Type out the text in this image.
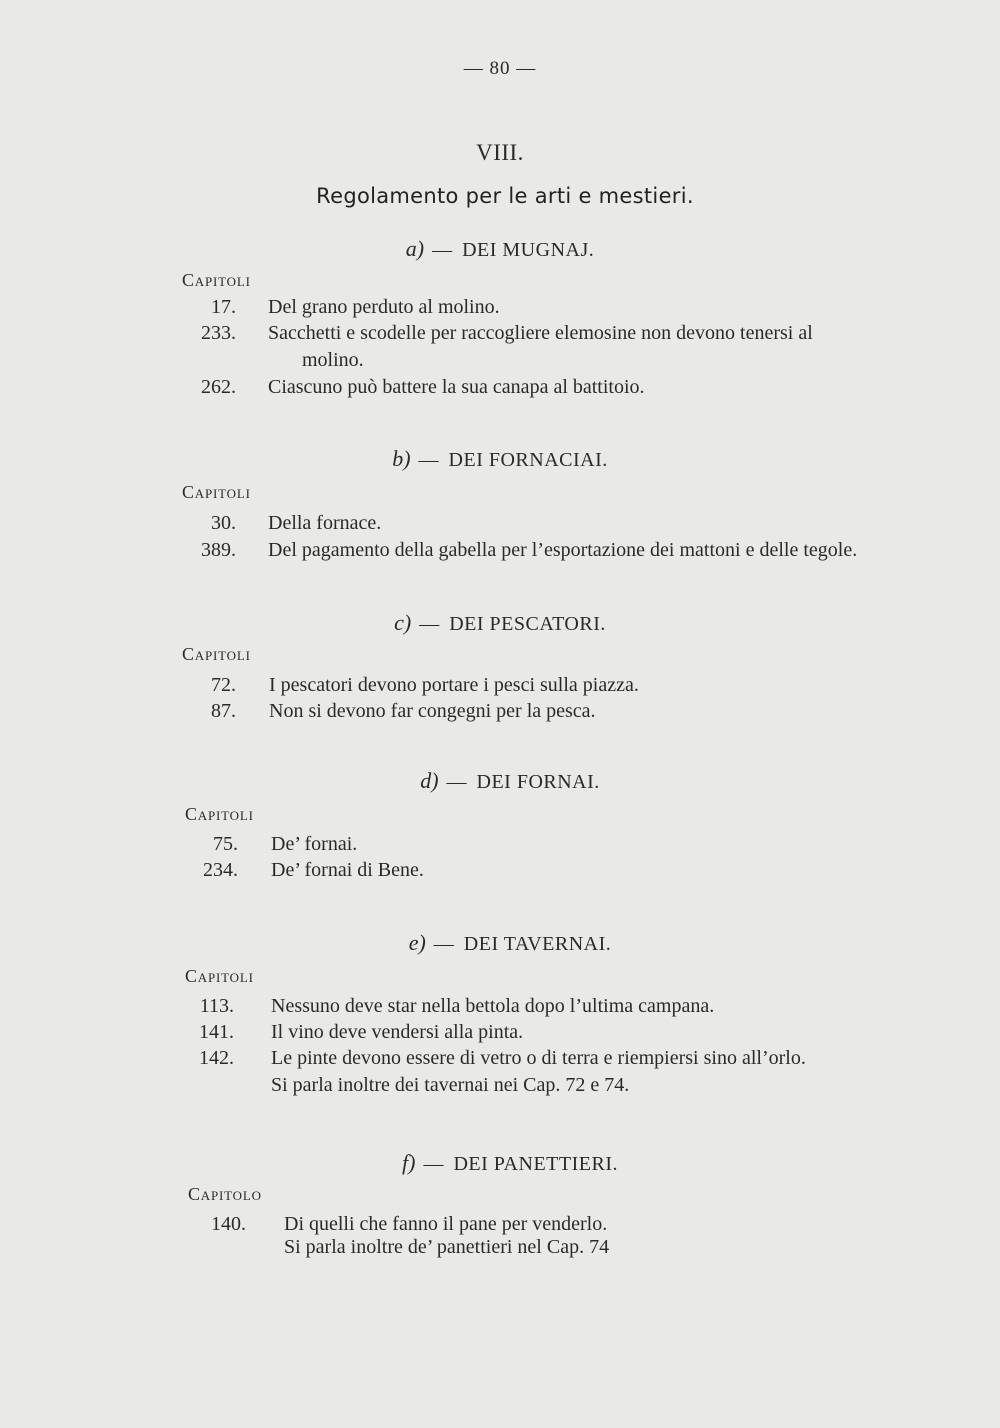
— 80 —
VIII.
Regolamento per le arti e mestieri.
a) — DEI MUGNAJ.
Capitoli
17. Del grano perduto al molino.
233. Sacchetti e scodelle per raccogliere elemosine non devono tenersi al
molino.
262. Ciascuno può battere la sua canapa al battitoio.
b) — DEI FORNACIAI.
Capitoli
30. Della fornace.
389. Del pagamento della gabella per l’esportazione dei mattoni e delle tegole.
c) — DEI PESCATORI.
Capitoli
72. I pescatori devono portare i pesci sulla piazza.
87. Non si devono far congegni per la pesca.
d) — DEI FORNAI.
Capitoli
75. De’ fornai.
234. De’ fornai di Bene.
e) — DEI TAVERNAI.
Capitoli
113. Nessuno deve star nella bettola dopo l’ultima campana.
141. Il vino deve vendersi alla pinta.
142. Le pinte devono essere di vetro o di terra e riempiersi sino all’orlo.
Si parla inoltre dei tavernai nei Cap. 72 e 74.
f) — DEI PANETTIERI.
Capitolo
140. Di quelli che fanno il pane per venderlo.
Si parla inoltre de’ panettieri nel Cap. 74
